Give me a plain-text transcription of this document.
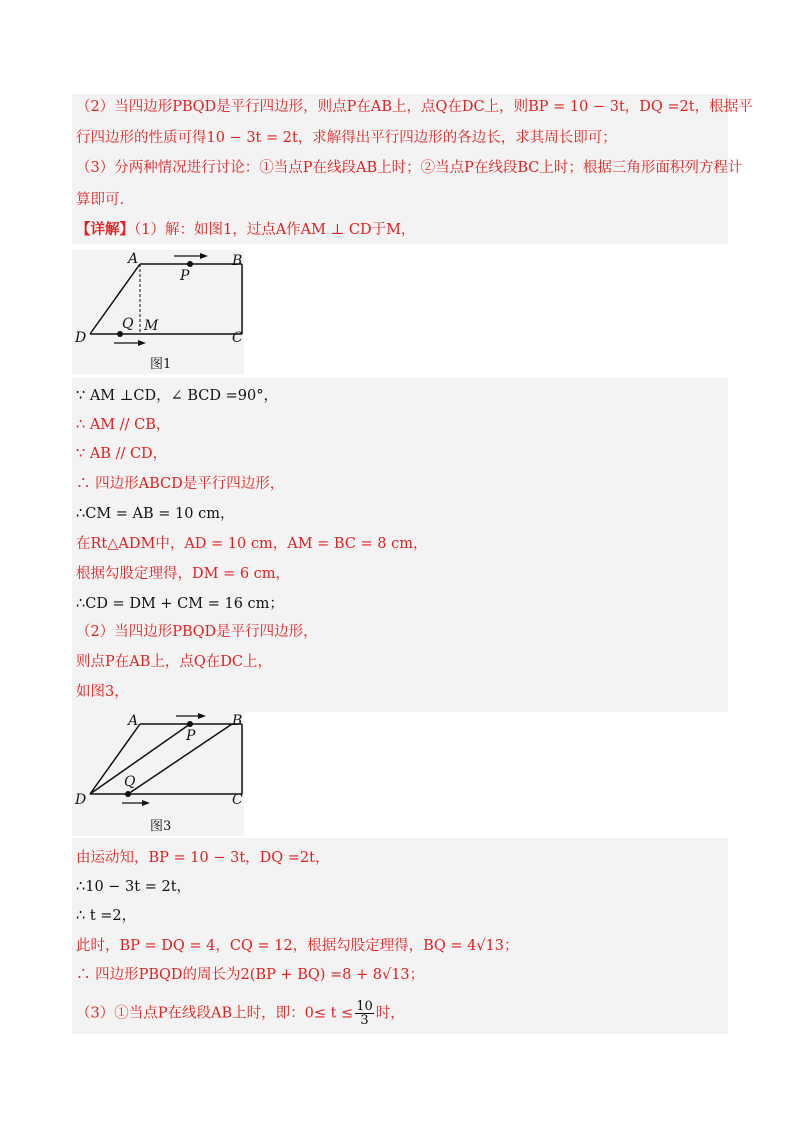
（2）当四边形PBQD是平行四边形，则点P在AB上，点Q在DC上，则BP = 10 − 3t，DQ =2t，根据平
行四边形的性质可得10 − 3t = 2t，求解得出平行四边形的各边长，求其周长即可；
（3）分两种情况进行讨论：①当点P在线段AB上时；②当点P在线段BC上时；根据三角形面积列方程计
算即可.
【详解】（1）解：如图1，过点A作AM ⊥ CD于M，
A	B
C
D
P
Q M
图1
∵ AM ⊥CD，∠ BCD =90°，
∴ AM // CB，
∵ AB // CD，
∴ 四边形ABCD是平行四边形，
∴CM = AB = 10 cm，
在Rt△ADM中，AD = 10 cm，AM = BC = 8 cm，
根据勾股定理得，DM = 6 cm，
∴CD = DM + CM = 16 cm；
（2）当四边形PBQD是平行四边形，
则点P在AB上，点Q在DC上，
如图3，
A	B
C
D
P
Q
图3
由运动知，BP = 10 − 3t，DQ =2t，
∴10 − 3t = 2t，
∴ t =2，
此时，BP = DQ = 4，CQ = 12，根据勾股定理得，BQ = 4√13；
∴ 四边形PBQD的周长为2(BP + BQ) =8 + 8√13；
（3）①当点P在线段AB上时，即：$0\le t \le \frac{10}{3}$ 时，
